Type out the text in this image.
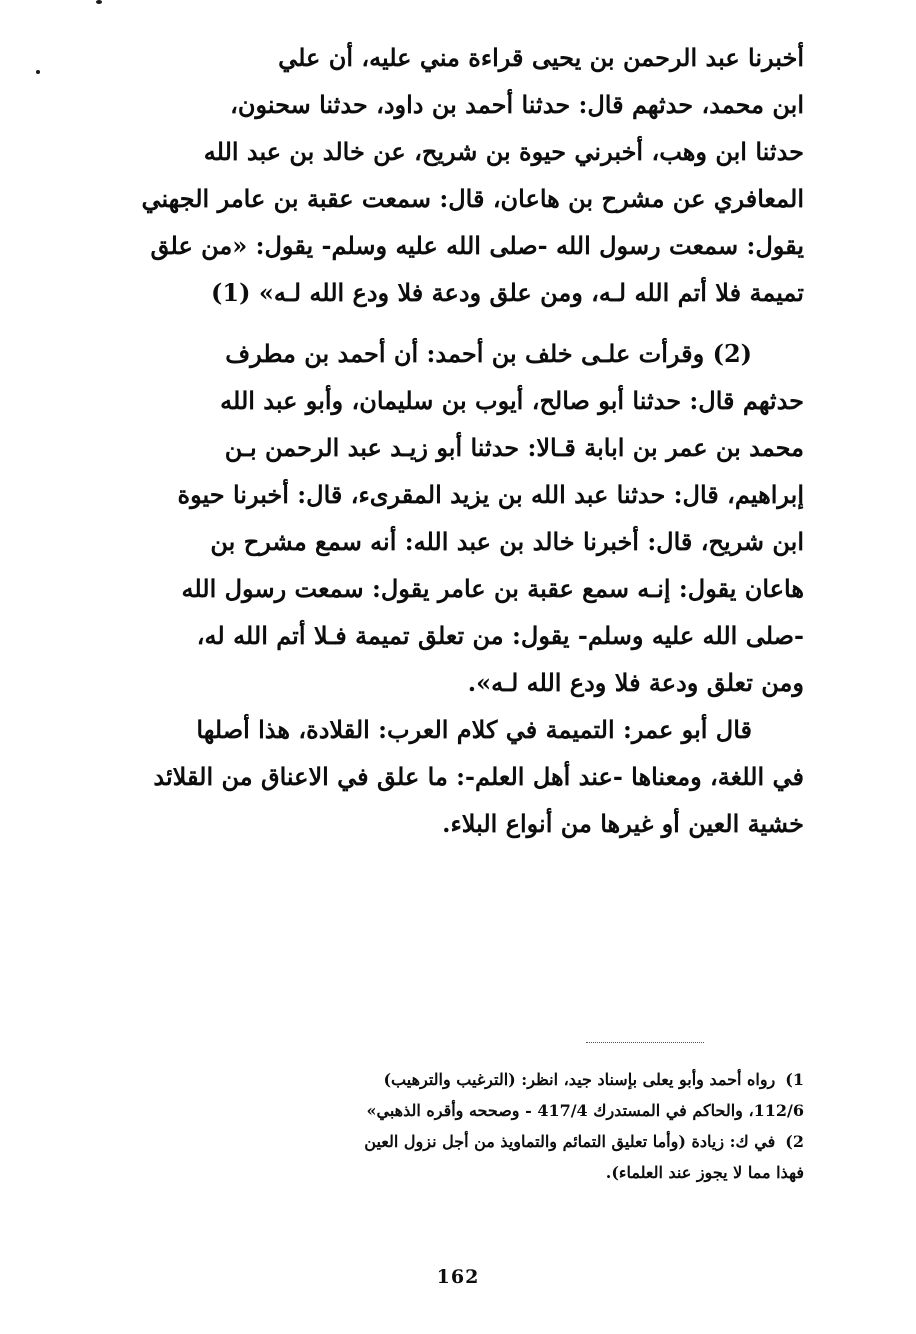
أخبرنا عبد الرحمن بن يحيى قراءة مني عليه، أن علي
ابن محمد، حدثهم قال: حدثنا أحمد بن داود، حدثنا سحنون،
حدثنا ابن وهب، أخبرني حيوة بن شريح، عن خالد بن عبد الله
المعافري عن مشرح بن هاعان، قال: سمعت عقبة بن عامر الجهني
يقول: سمعت رسول الله -صلى الله عليه وسلم- يقول: «من علق
تميمة فلا أتم الله لـه، ومن علق ودعة فلا ودع الله لـه» (1)

(2) وقرأت علـى خلف بن أحمد: أن أحمد بن مطرف
حدثهم قال: حدثنا أبو صالح، أيوب بن سليمان، وأبو عبد الله
محمد بن عمر بن ابابة قـالا: حدثنا أبو زيـد عبد الرحمن بـن
إبراهيم، قال: حدثنا عبد الله بن يزيد المقرىء، قال: أخبرنا حيوة
ابن شريح، قال: أخبرنا خالد بن عبد الله: أنه سمع مشرح بن
هاعان يقول: إنـه سمع عقبة بن عامر يقول: سمعت رسول الله
-صلى الله عليه وسلم- يقول: من تعلق تميمة فـلا أتم الله له،
ومن تعلق ودعة فلا ودع الله لـه».

قال أبو عمر: التميمة في كلام العرب: القلادة، هذا أصلها
في اللغة، ومعناها -عند أهل العلم-: ما علق في الاعناق من القلائد
خشية العين أو غيرها من أنواع البلاء.

1)رواه أحمد وأبو يعلى بإسناد جيد، انظر: (الترغيب والترهيب)
112/6، والحاكم في المستدرك 417/4 - وصححه وأقره الذهبي»

2)في ك: زيادة (وأما تعليق التمائم والتماويذ من أجل نزول العين
فهذا مما لا يجوز عند العلماء).

162
